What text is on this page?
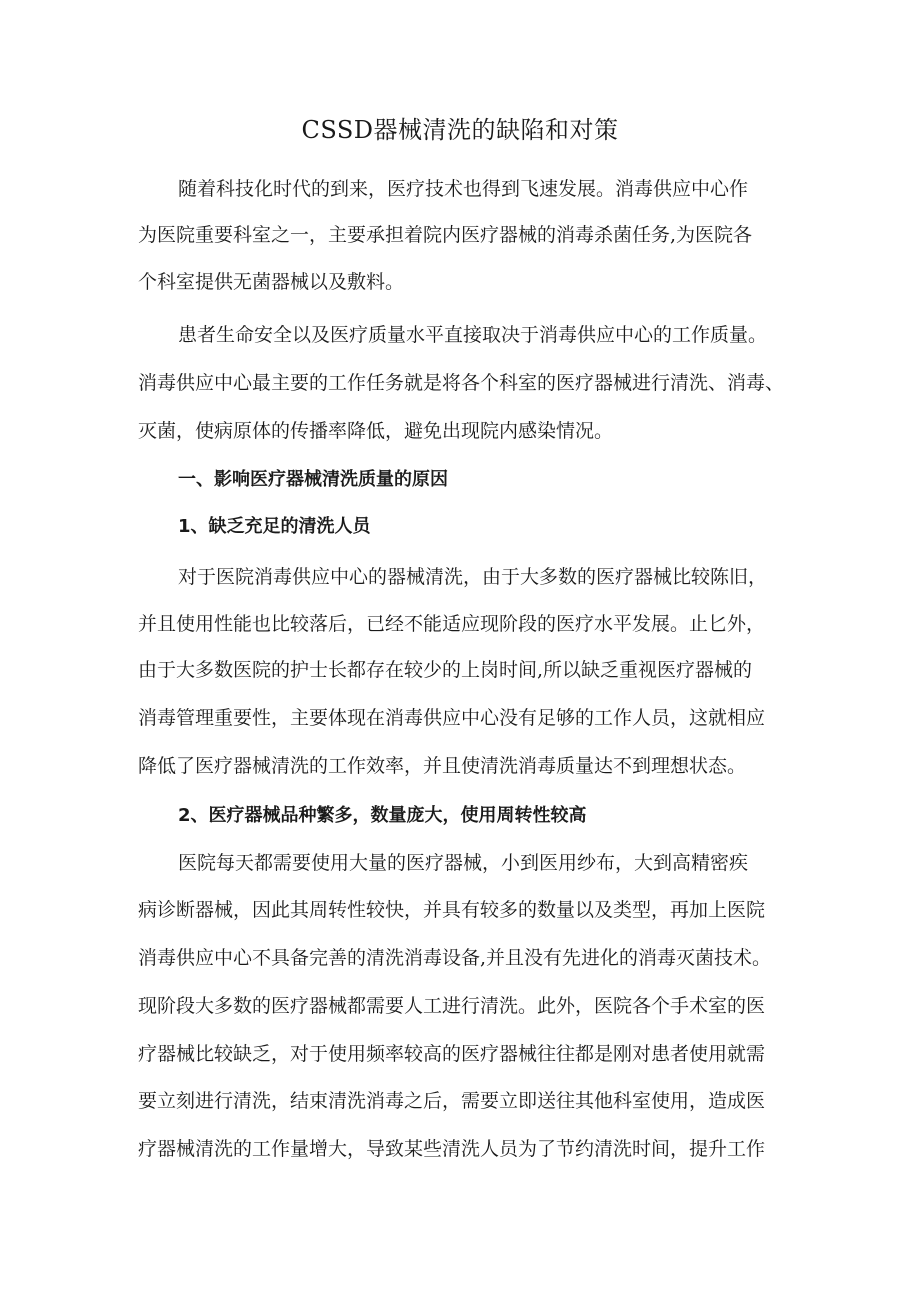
CSSD器械清洗的缺陷和对策

随着科技化时代的到来，医疗技术也得到飞速发展。消毒供应中心作

为医院重要科室之一，主要承担着院内医疗器械的消毒杀菌任务,为医院各

个科室提供无菌器械以及敷料。

患者生命安全以及医疗质量水平直接取决于消毒供应中心的工作质量。

消毒供应中心最主要的工作任务就是将各个科室的医疗器械进行清洗、消毒、

灭菌，使病原体的传播率降低，避免出现院内感染情况。

一、影响医疗器械清洗质量的原因

1、缺乏充足的清洗人员

对于医院消毒供应中心的器械清洗，由于大多数的医疗器械比较陈旧，

并且使用性能也比较落后，已经不能适应现阶段的医疗水平发展。止匕外，

由于大多数医院的护士长都存在较少的上岗时间,所以缺乏重视医疗器械的

消毒管理重要性，主要体现在消毒供应中心没有足够的工作人员，这就相应

降低了医疗器械清洗的工作效率，并且使清洗消毒质量达不到理想状态。

2、医疗器械品种繁多，数量庞大，使用周转性较高

医院每天都需要使用大量的医疗器械，小到医用纱布，大到高精密疾

病诊断器械，因此其周转性较快，并具有较多的数量以及类型，再加上医院

消毒供应中心不具备完善的清洗消毒设备,并且没有先进化的消毒灭菌技术。

现阶段大多数的医疗器械都需要人工进行清洗。此外，医院各个手术室的医

疗器械比较缺乏，对于使用频率较高的医疗器械往往都是刚对患者使用就需

要立刻进行清洗，结束清洗消毒之后，需要立即送往其他科室使用，造成医

疗器械清洗的工作量增大，导致某些清洗人员为了节约清洗时间，提升工作
